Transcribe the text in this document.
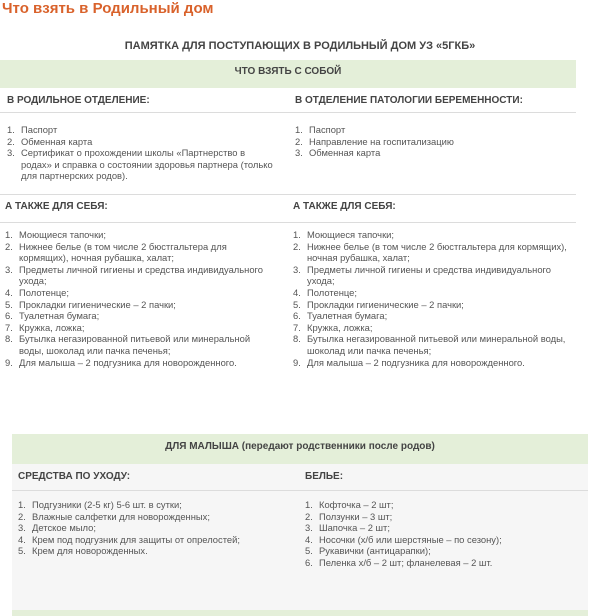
Что взять в Родильный дом
ПАМЯТКА ДЛЯ ПОСТУПАЮЩИХ В РОДИЛЬНЫЙ ДОМ УЗ «5ГКБ»
ЧТО ВЗЯТЬ С СОБОЙ
В РОДИЛЬНОЕ ОТДЕЛЕНИЕ:	В ОТДЕЛЕНИЕ ПАТОЛОГИИ БЕРЕМЕННОСТИ:
1. Паспорт
2. Обменная карта
3. Сертификат о прохождении школы «Партнерство в родах» и справка о состоянии здоровья партнера (только для партнерских родов).
1. Паспорт
2. Направление на госпитализацию
3. Обменная карта
А ТАКЖЕ ДЛЯ СЕБЯ:	А ТАКЖЕ ДЛЯ СЕБЯ:
1. Моющиеся тапочки;
2. Нижнее белье (в том числе 2 бюстгальтера для кормящих), ночная рубашка, халат;
3. Предметы личной гигиены и средства индивидуального ухода;
4. Полотенце;
5. Прокладки гигиенические – 2 пачки;
6. Туалетная бумага;
7. Кружка, ложка;
8. Бутылка негазированной питьевой или минеральной воды, шоколад или пачка печенья;
9. Для малыша – 2 подгузника для новорожденного.
1. Моющиеся тапочки;
2. Нижнее белье (в том числе 2 бюстгальтера для кормящих), ночная рубашка, халат;
3. Предметы личной гигиены и средства индивидуального ухода;
4. Полотенце;
5. Прокладки гигиенические – 2 пачки;
6. Туалетная бумага;
7. Кружка, ложка;
8. Бутылка негазированной питьевой или минеральной воды, шоколад или пачка печенья;
9. Для малыша – 2 подгузника для новорожденного.
ДЛЯ МАЛЫША (передают родственники после родов)
СРЕДСТВА ПО УХОДУ:	БЕЛЬЕ:
1. Подгузники (2-5 кг) 5-6 шт. в сутки;
2. Влажные салфетки для новорожденных;
3. Детское мыло;
4. Крем под подгузник для защиты от опрелостей;
5. Крем для новорожденных.
1. Кофточка – 2 шт;
2. Ползунки – 3 шт;
3. Шапочка – 2 шт;
4. Носочки (х/б или шерстяные – по сезону);
5. Рукавички (антицарапки);
6. Пеленка х/б – 2 шт; фланелевая – 2 шт.
